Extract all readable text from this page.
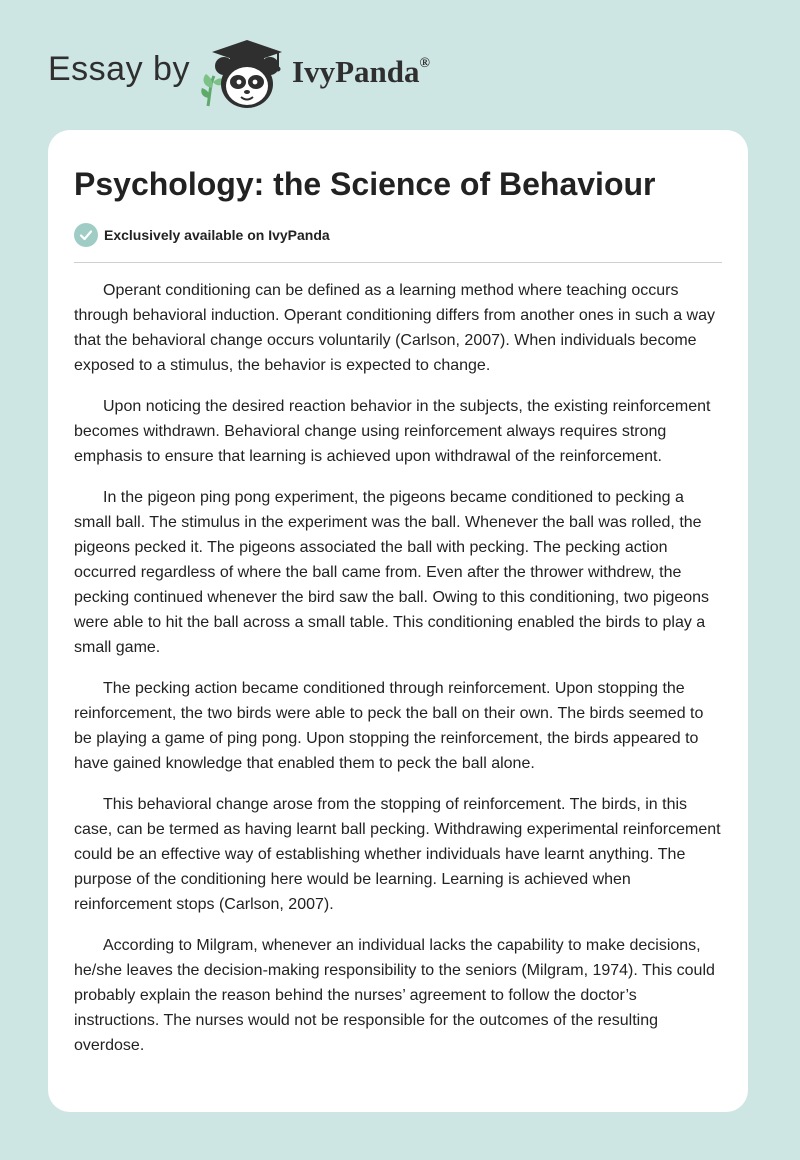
Essay by	IvyPanda®
Psychology: the Science of Behaviour
Exclusively available on IvyPanda

Operant conditioning can be defined as a learning method where teaching occurs through behavioral induction. Operant conditioning differs from another ones in such a way that the behavioral change occurs voluntarily (Carlson, 2007). When individuals become exposed to a stimulus, the behavior is expected to change.

Upon noticing the desired reaction behavior in the subjects, the existing reinforcement becomes withdrawn. Behavioral change using reinforcement always requires strong emphasis to ensure that learning is achieved upon withdrawal of the reinforcement.

In the pigeon ping pong experiment, the pigeons became conditioned to pecking a small ball. The stimulus in the experiment was the ball. Whenever the ball was rolled, the pigeons pecked it. The pigeons associated the ball with pecking. The pecking action occurred regardless of where the ball came from. Even after the thrower withdrew, the pecking continued whenever the bird saw the ball. Owing to this conditioning, two pigeons were able to hit the ball across a small table. This conditioning enabled the birds to play a small game.

The pecking action became conditioned through reinforcement. Upon stopping the reinforcement, the two birds were able to peck the ball on their own. The birds seemed to be playing a game of ping pong. Upon stopping the reinforcement, the birds appeared to have gained knowledge that enabled them to peck the ball alone.

This behavioral change arose from the stopping of reinforcement. The birds, in this case, can be termed as having learnt ball pecking. Withdrawing experimental reinforcement could be an effective way of establishing whether individuals have learnt anything. The purpose of the conditioning here would be learning. Learning is achieved when reinforcement stops (Carlson, 2007).

According to Milgram, whenever an individual lacks the capability to make decisions, he/she leaves the decision-making responsibility to the seniors (Milgram, 1974). This could probably explain the reason behind the nurses’ agreement to follow the doctor’s instructions. The nurses would not be responsible for the outcomes of the resulting overdose.
